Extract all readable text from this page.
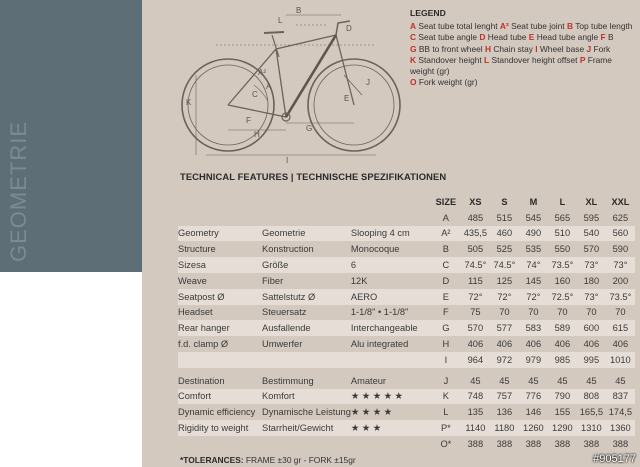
GEOMETRIE
B
L
A²
A
C
D
E
F
G
H
I
J
K
LEGEND
A Seat tube total lenght A² Seat tube joint B Top tube length
C Seat tube angle D Head tube E Head tube angle F B
G BB to front wheel H Chain stay I Wheel base J Fork
K Standover height L Standover height offset P Frame weight (gr)
O Fork weight (gr)
TECHNICAL FEATURES | TECHNISCHE SPEZIFIKATIONEN
			SIZE	XS	S	M	L	XL	XXL
			A	485	515	545	565	595	625
Geometry	Geometrie	Slooping 4 cm	A²	435,5	460	490	510	540	560
Structure	Konstruction	Monocoque	B	505	525	535	550	570	590
Sizesa	Größe	6	C	74.5°	74.5°	74°	73.5°	73°	73°
Weave	Fiber	12K	D	115	125	145	160	180	200
Seatpost Ø	Sattelstutz Ø	AERO	E	72°	72°	72°	72.5°	73°	73.5°
Headset	Steuersatz	1-1/8" • 1-1/8"	F	75	70	70	70	70	70
Rear hanger	Ausfallende	Interchangeable	G	570	577	583	589	600	615
f.d. clamp Ø	Umwerfer	Alu integrated	H	406	406	406	406	406	406
			I	964	972	979	985	995	1010

Destination	Bestimmung	Amateur	J	45	45	45	45	45	45
Comfort	Komfort	★ ★ ★ ★ ★	K	748	757	776	790	808	837
Dynamic efficiency	Dynamische Leistung	★ ★ ★ ★	L	135	136	146	155	165,5	174,5
Rigidity to weight	Starrheit/Gewicht	★ ★ ★	P*	1140	1180	1260	1290	1310	1360
			O*	388	388	388	388	388	388
*TOLERANCES: FRAME ±30 gr - FORK ±15gr	#905177
